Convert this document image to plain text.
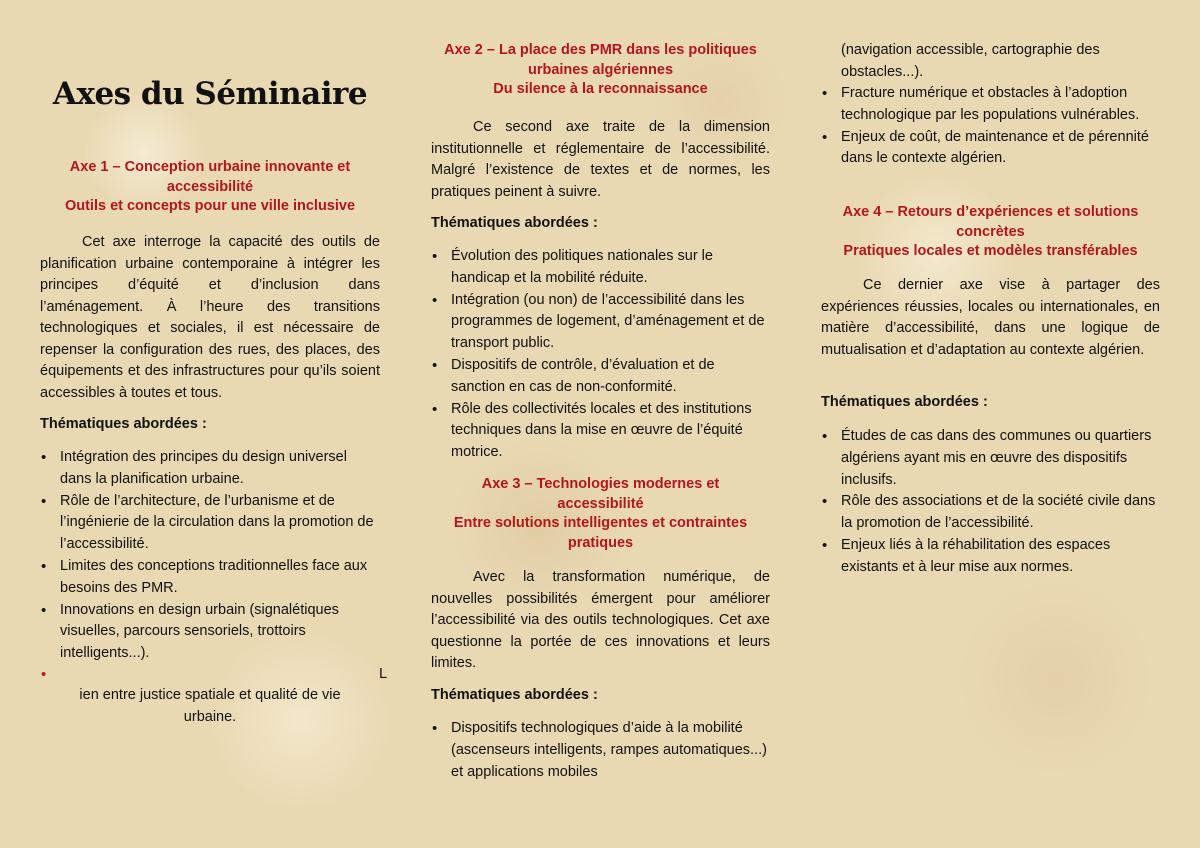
Axes du Séminaire

Axe 1 – Conception urbaine innovante et

accessibilité

Outils et concepts pour une ville inclusive

Cet axe interroge la capacité des outils de planification urbaine contemporaine à intégrer les principes d’équité et d’inclusion dans l’aménagement. À l’heure des transitions technologiques et sociales, il est nécessaire de repenser la configuration des rues, des places, des équipements et des infrastructures pour qu’ils soient accessibles à toutes et tous.

Thématiques abordées :

• Intégration des principes du design universel dans la planification urbaine.
• Rôle de l’architecture, de l’urbanisme et de l’ingénierie de la circulation dans la promotion de l’accessibilité.
• Limites des conceptions traditionnelles face aux besoins des PMR.
• Innovations en design urbain (signalétiques visuelles, parcours sensoriels, trottoirs intelligents...).
•	L

ien entre justice spatiale et qualité de vie urbaine.

Axe 2 – La place des PMR dans les politiques

urbaines algériennes

Du silence à la reconnaissance

Ce second axe traite de la dimension institutionnelle et réglementaire de l’accessibilité. Malgré l’existence de textes et de normes, les pratiques peinent à suivre.

Thématiques abordées :

• Évolution des politiques nationales sur le handicap et la mobilité réduite.
• Intégration (ou non) de l’accessibilité dans les programmes de logement, d’aménagement et de transport public.
• Dispositifs de contrôle, d’évaluation et de sanction en cas de non-conformité.
• Rôle des collectivités locales et des institutions techniques dans la mise en œuvre de l’équité motrice.

Axe 3 – Technologies modernes et

accessibilité

Entre solutions intelligentes et contraintes

pratiques

Avec la transformation numérique, de nouvelles possibilités émergent pour améliorer l’accessibilité via des outils technologiques. Cet axe questionne la portée de ces innovations et leurs limites.

Thématiques abordées :

• Dispositifs technologiques d’aide à la mobilité (ascenseurs intelligents, rampes automatiques...) et applications mobiles

(navigation accessible, cartographie des obstacles...).

• Fracture numérique et obstacles à l’adoption technologique par les populations vulnérables.
• Enjeux de coût, de maintenance et de pérennité dans le contexte algérien.

Axe 4 – Retours d’expériences et solutions

concrètes

Pratiques locales et modèles transférables

Ce dernier axe vise à partager des expériences réussies, locales ou internationales, en matière d’accessibilité, dans une logique de mutualisation et d’adaptation au contexte algérien.

Thématiques abordées :

• Études de cas dans des communes ou quartiers algériens ayant mis en œuvre des dispositifs inclusifs.
• Rôle des associations et de la société civile dans la promotion de l’accessibilité.
• Enjeux liés à la réhabilitation des espaces existants et à leur mise aux normes.
